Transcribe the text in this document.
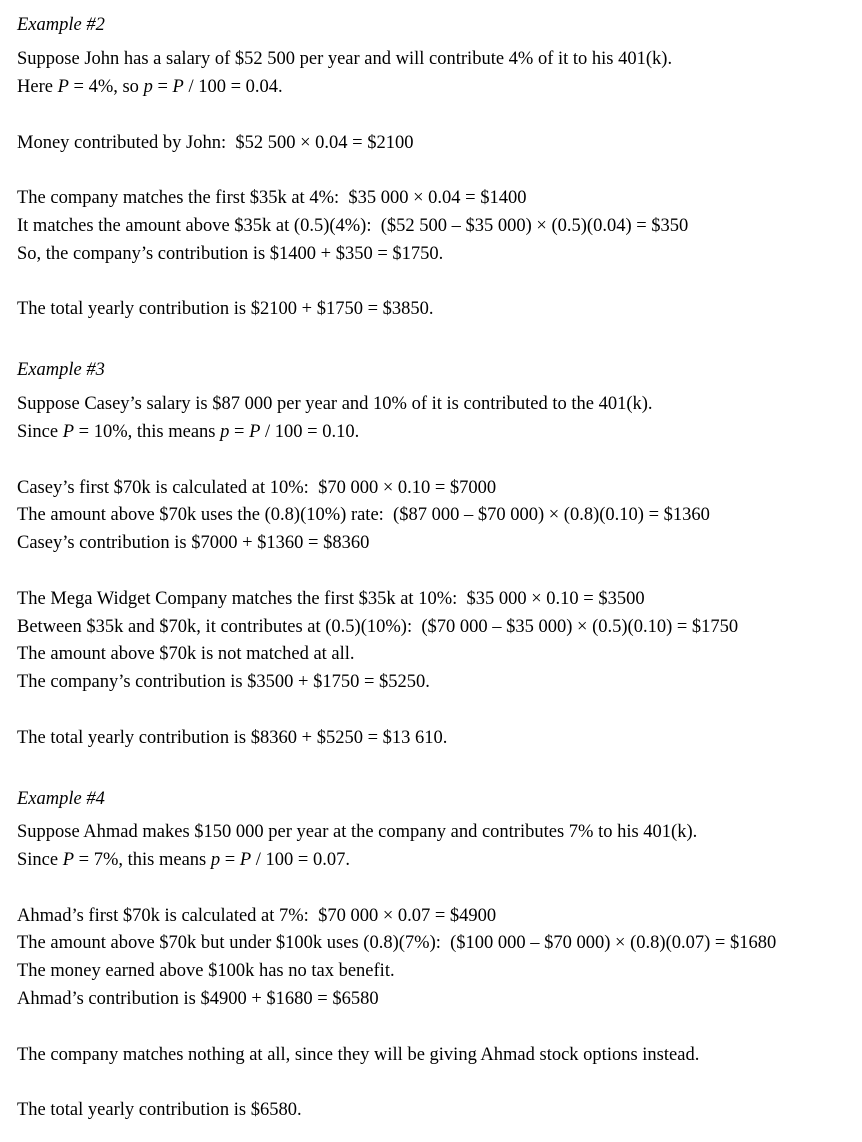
Example #2
Suppose John has a salary of $52 500 per year and will contribute 4% of it to his 401(k).
Here P = 4%, so p = P / 100 = 0.04.
Money contributed by John:  $52 500 × 0.04 = $2100
The company matches the first $35k at 4%:  $35 000 × 0.04 = $1400
It matches the amount above $35k at (0.5)(4%):  ($52 500 – $35 000) × (0.5)(0.04) = $350
So, the company’s contribution is $1400 + $350 = $1750.
The total yearly contribution is $2100 + $1750 = $3850.
Example #3
Suppose Casey’s salary is $87 000 per year and 10% of it is contributed to the 401(k).
Since P = 10%, this means p = P / 100 = 0.10.
Casey’s first $70k is calculated at 10%:  $70 000 × 0.10 = $7000
The amount above $70k uses the (0.8)(10%) rate:  ($87 000 – $70 000) × (0.8)(0.10) = $1360
Casey’s contribution is $7000 + $1360 = $8360
The Mega Widget Company matches the first $35k at 10%:  $35 000 × 0.10 = $3500
Between $35k and $70k, it contributes at (0.5)(10%):  ($70 000 – $35 000) × (0.5)(0.10) = $1750
The amount above $70k is not matched at all.
The company’s contribution is $3500 + $1750 = $5250.
The total yearly contribution is $8360 + $5250 = $13 610.
Example #4
Suppose Ahmad makes $150 000 per year at the company and contributes 7% to his 401(k).
Since P = 7%, this means p = P / 100 = 0.07.
Ahmad’s first $70k is calculated at 7%:  $70 000 × 0.07 = $4900
The amount above $70k but under $100k uses (0.8)(7%):  ($100 000 – $70 000) × (0.8)(0.07) = $1680
The money earned above $100k has no tax benefit.
Ahmad’s contribution is $4900 + $1680 = $6580
The company matches nothing at all, since they will be giving Ahmad stock options instead.
The total yearly contribution is $6580.
